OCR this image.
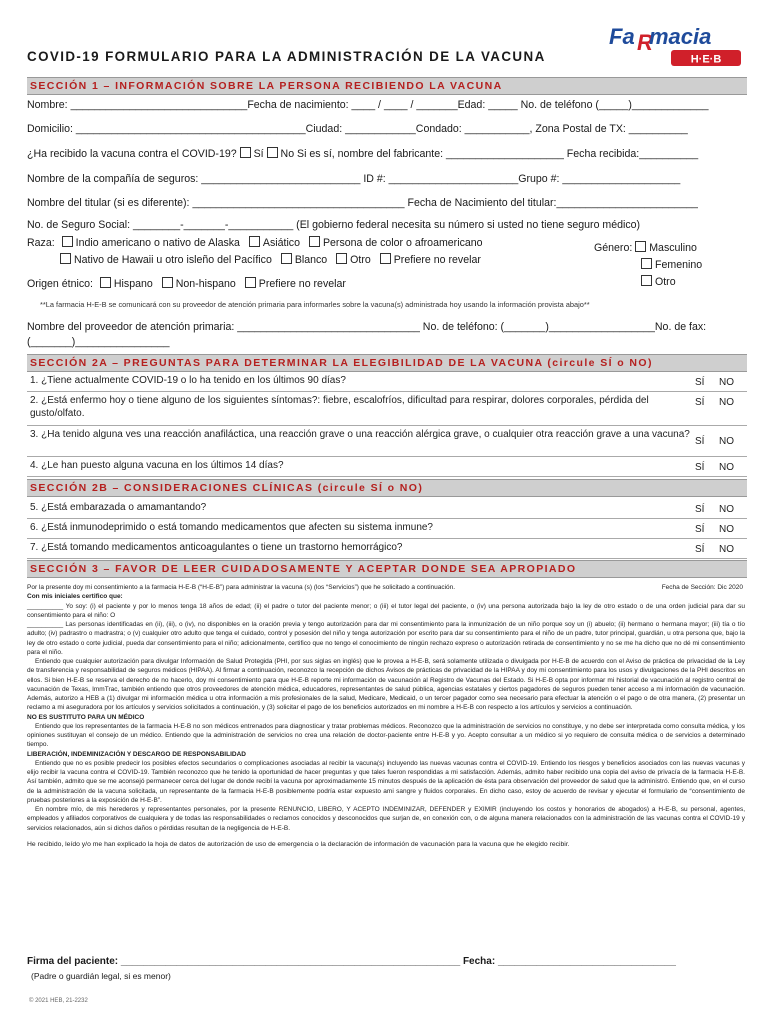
COVID-19 FORMULARIO PARA LA ADMINISTRACIÓN DE LA VACUNA
Fa R
macia
H·E·B
SECCIÓN 1 – INFORMACIÓN SOBRE LA PERSONA RECIBIENDO LA VACUNA
Nombre: ______________________________Fecha de nacimiento: ____ / ____ / _______Edad: _____ No. de teléfono (_____)_____________
Domicilio: _______________________________________Ciudad: ____________Condado: ___________, Zona Postal de TX: __________
¿Ha recibido la vacuna contra el COVID-19? Sí No Si es sí, nombre del fabricante: ____________________ Fecha recibida:__________
Nombre de la compañía de seguros: ___________________________ ID #: ______________________Grupo #: ____________________
Nombre del titular (si es diferente): ____________________________________ Fecha de Nacimiento del titular:________________________
No. de Seguro Social: ________-_______-___________ (El gobierno federal necesita su número si usted no tiene seguro médico)
Raza: Indio americano o nativo de Alaska Asiático Persona de color o afroamericano
Nativo de Hawaii u otro isleño del Pacífico Blanco Otro Prefiere no revelar
Género: Masculino
Femenino
Otro
Origen étnico: Hispano Non-hispano Prefiere no revelar
**La farmacia H-E-B se comunicará con su proveedor de atención primaria para informarles sobre la vacuna(s) administrada hoy usando la información provista abajo**
Nombre del proveedor de atención primaria: _______________________________ No. de teléfono: (_______)__________________No. de fax:
(_______)________________
SECCIÓN 2A – PREGUNTAS PARA DETERMINAR LA ELEGIBILIDAD DE LA VACUNA (circule SÍ o NO)
1. ¿Tiene actualmente COVID-19 o lo ha tenido en los últimos 90 días?	SÍ NO
2. ¿Está enfermo hoy o tiene alguno de los siguientes síntomas?: fiebre, escalofríos, dificultad para respirar, dolores corporales, pérdida del gusto/olfato.
SÍ NO
3. ¿Ha tenido alguna ves una reacción anafiláctica, una reacción grave o una reacción alérgica grave, o cualquier otra reacción grave a una vacuna?
SÍ NO
4. ¿Le han puesto alguna vacuna en los últimos 14 días?	SÍ NO
SECCIÓN 2B – CONSIDERACIONES CLÍNICAS (circule SÍ o NO)
5. ¿Está embarazada o amamantando?	SÍ NO
6. ¿Está inmunodeprimido o está tomando medicamentos que afecten su sistema inmune?	SÍ NO
7. ¿Está tomando medicamentos anticoagulantes o tiene un trastorno hemorrágico?	SÍ NO
SECCIÓN 3 – FAVOR DE LEER CUIDADOSAMENTE Y ACEPTAR DONDE SEA APROPIADO

Por la presente doy mi consentimiento a la farmacia H-E-B (“H-E-B”) para administrar la vacuna (s) (los “Servicios”) que he solicitado a continuación.	Fecha de Sección: Dic 2020

Con mis iniciales certifico que:

__________ Yo soy: (i) el paciente y por lo menos tenga 18 años de edad; (ii) el padre o tutor del paciente menor; o (iii) el tutor legal del paciente, o (iv) una persona autorizada bajo la ley de otro estado o de una orden judicial para dar su consentimiento para el niño: O

__________ Las personas identificadas en (ii), (iii), o (iv), no disponibles en la oración previa y tengo autorización para dar mi consentimiento para la inmunización de un niño porque soy un (i) abuelo; (ii) hermano o hermana mayor; (iii) tía o tío adulto; (iv) padrastro o madrastra; o (v) cualquier otro adulto que tenga el cuidado, control y posesión del niño y tenga autorización por escrito para dar su consentimiento para el niño de un padre, tutor principal, guardián, u otra persona que, bajo la ley de otro estado o corte judicial, pueda dar consentimiento para el niño; adicionalmente, certifico que no tengo el conocimiento de ningún rechazo expreso o autorización retirada de consentimiento y no se me ha dicho que no dé mi consentimiento para el niño.

Entiendo que cualquier autorización para divulgar Información de Salud Protegida (PHI, por sus siglas en inglés) que le provea a H-E-B, será solamente utilizada o divulgada por H-E-B de acuerdo con el Aviso de práctica de privacidad de la Ley de transferencia y responsabilidad de seguros médicos (HIPAA). Al firmar a continuación, reconozco la recepción de dichos Avisos de prácticas de privacidad de la HIPAA y doy mi consentimiento para los usos y divulgaciones de la PHI descritos en ellos. Si bien H-E-B se reserva el derecho de no hacerlo, doy mi consentimiento para que H-E-B reporte mi información de vacunación al Registro de Vacunas del Estado. Si H-E-B opta por informar mi historial de vacunación al registro central de vacunación de Texas, ImmTrac, también entiendo que otros proveedores de atención médica, educadores, representantes de salud pública, agencias estatales y ciertos pagadores de seguros pueden tener acceso a mi información de vacunación. Además, autorizo a HEB a (1) divulgar mi información médica u otra información a mis profesionales de la salud, Medicare, Medicaid, o un tercer pagador como sea necesario para efectuar la atención o el pago o de otra manera, (2) presentar un reclamo a mi aseguradora por los artículos y servicios solicitados a continuación, y (3) solicitar el pago de los beneficios autorizados en mi nombre a H-E-B con respecto a los artículos y servicios a continuación.

NO ES SUSTITUTO PARA UN MÉDICO

Entiendo que los representantes de la farmacia H-E-B no son médicos entrenados para diagnosticar y tratar problemas médicos. Reconozco que la administración de servicios no constituye, y no debe ser interpretada como consulta médica, y los opiniones sustituyan el consejo de un médico. Entiendo que la administración de servicios no crea una relación de doctor-paciente entre H-E-B y yo. Acepto consultar a un médico si yo requiero de consulta médica o de servicios a determinado tiempo.

LIBERACIÓN, INDEMINIZACIÓN Y DESCARGO DE RESPONSABILIDAD

Entiendo que no es posible predecir los posibles efectos secundarios o complicaciones asociadas al recibir la vacuna(s) incluyendo las nuevas vacunas contra el COVID-19. Entiendo los riesgos y beneficios asociados con las nuevas vacunas y elijo recibir la vacuna contra el COVID-19. También reconozco que he tenido la oportunidad de hacer preguntas y que tales fueron respondidas a mi satisfacción. Además, admito haber recibido una copia del aviso de privacía de la farmacia H-E-B. Así también, admito que se me aconsejó permanecer cerca del lugar de donde recibí la vacuna por aproximadamente 15 minutos después de la aplicación de ésta para observación del proveedor de salud que la administró. Entiendo que, en el curso de la administración de la vacuna solicitada, un representante de la farmacia H-E-B posiblemente podría estar expuesto ami sangre y fluidos corporales. En dicho caso, estoy de acuerdo de revisar y ejecutar el formulario de “consentimiento de pruebas posteriores a la exposición de H-E-B”.

En nombre mío, de mis herederos y representantes personales, por la presente RENUNCIO, LIBERO, Y ACEPTO INDEMINIZAR, DEFENDER y EXIMIR (incluyendo los costos y honorarios de abogados) a H-E-B, su personal, agentes, empleados y afiliados corporativos de cualquiera y de todas las responsabilidades o reclamos conocidos y desconocidos que surjan de, en conexión con, o de alguna manera relacionados con la administración de las vacunas contra el COVID-19 y servicios relacionados, aún si dichos daños o pérdidas resultan de la negligencia de H-E-B.

He recibido, leído y/o me han explicado la hoja de datos de autorización de uso de emergencia o la declaración de información de vacunación para la vacuna que he elegido recibir.

Firma del paciente: _____________________________________________________________ Fecha: ________________________________
(Padre o guardián legal, si es menor)
© 2021 HEB, 21-2232
